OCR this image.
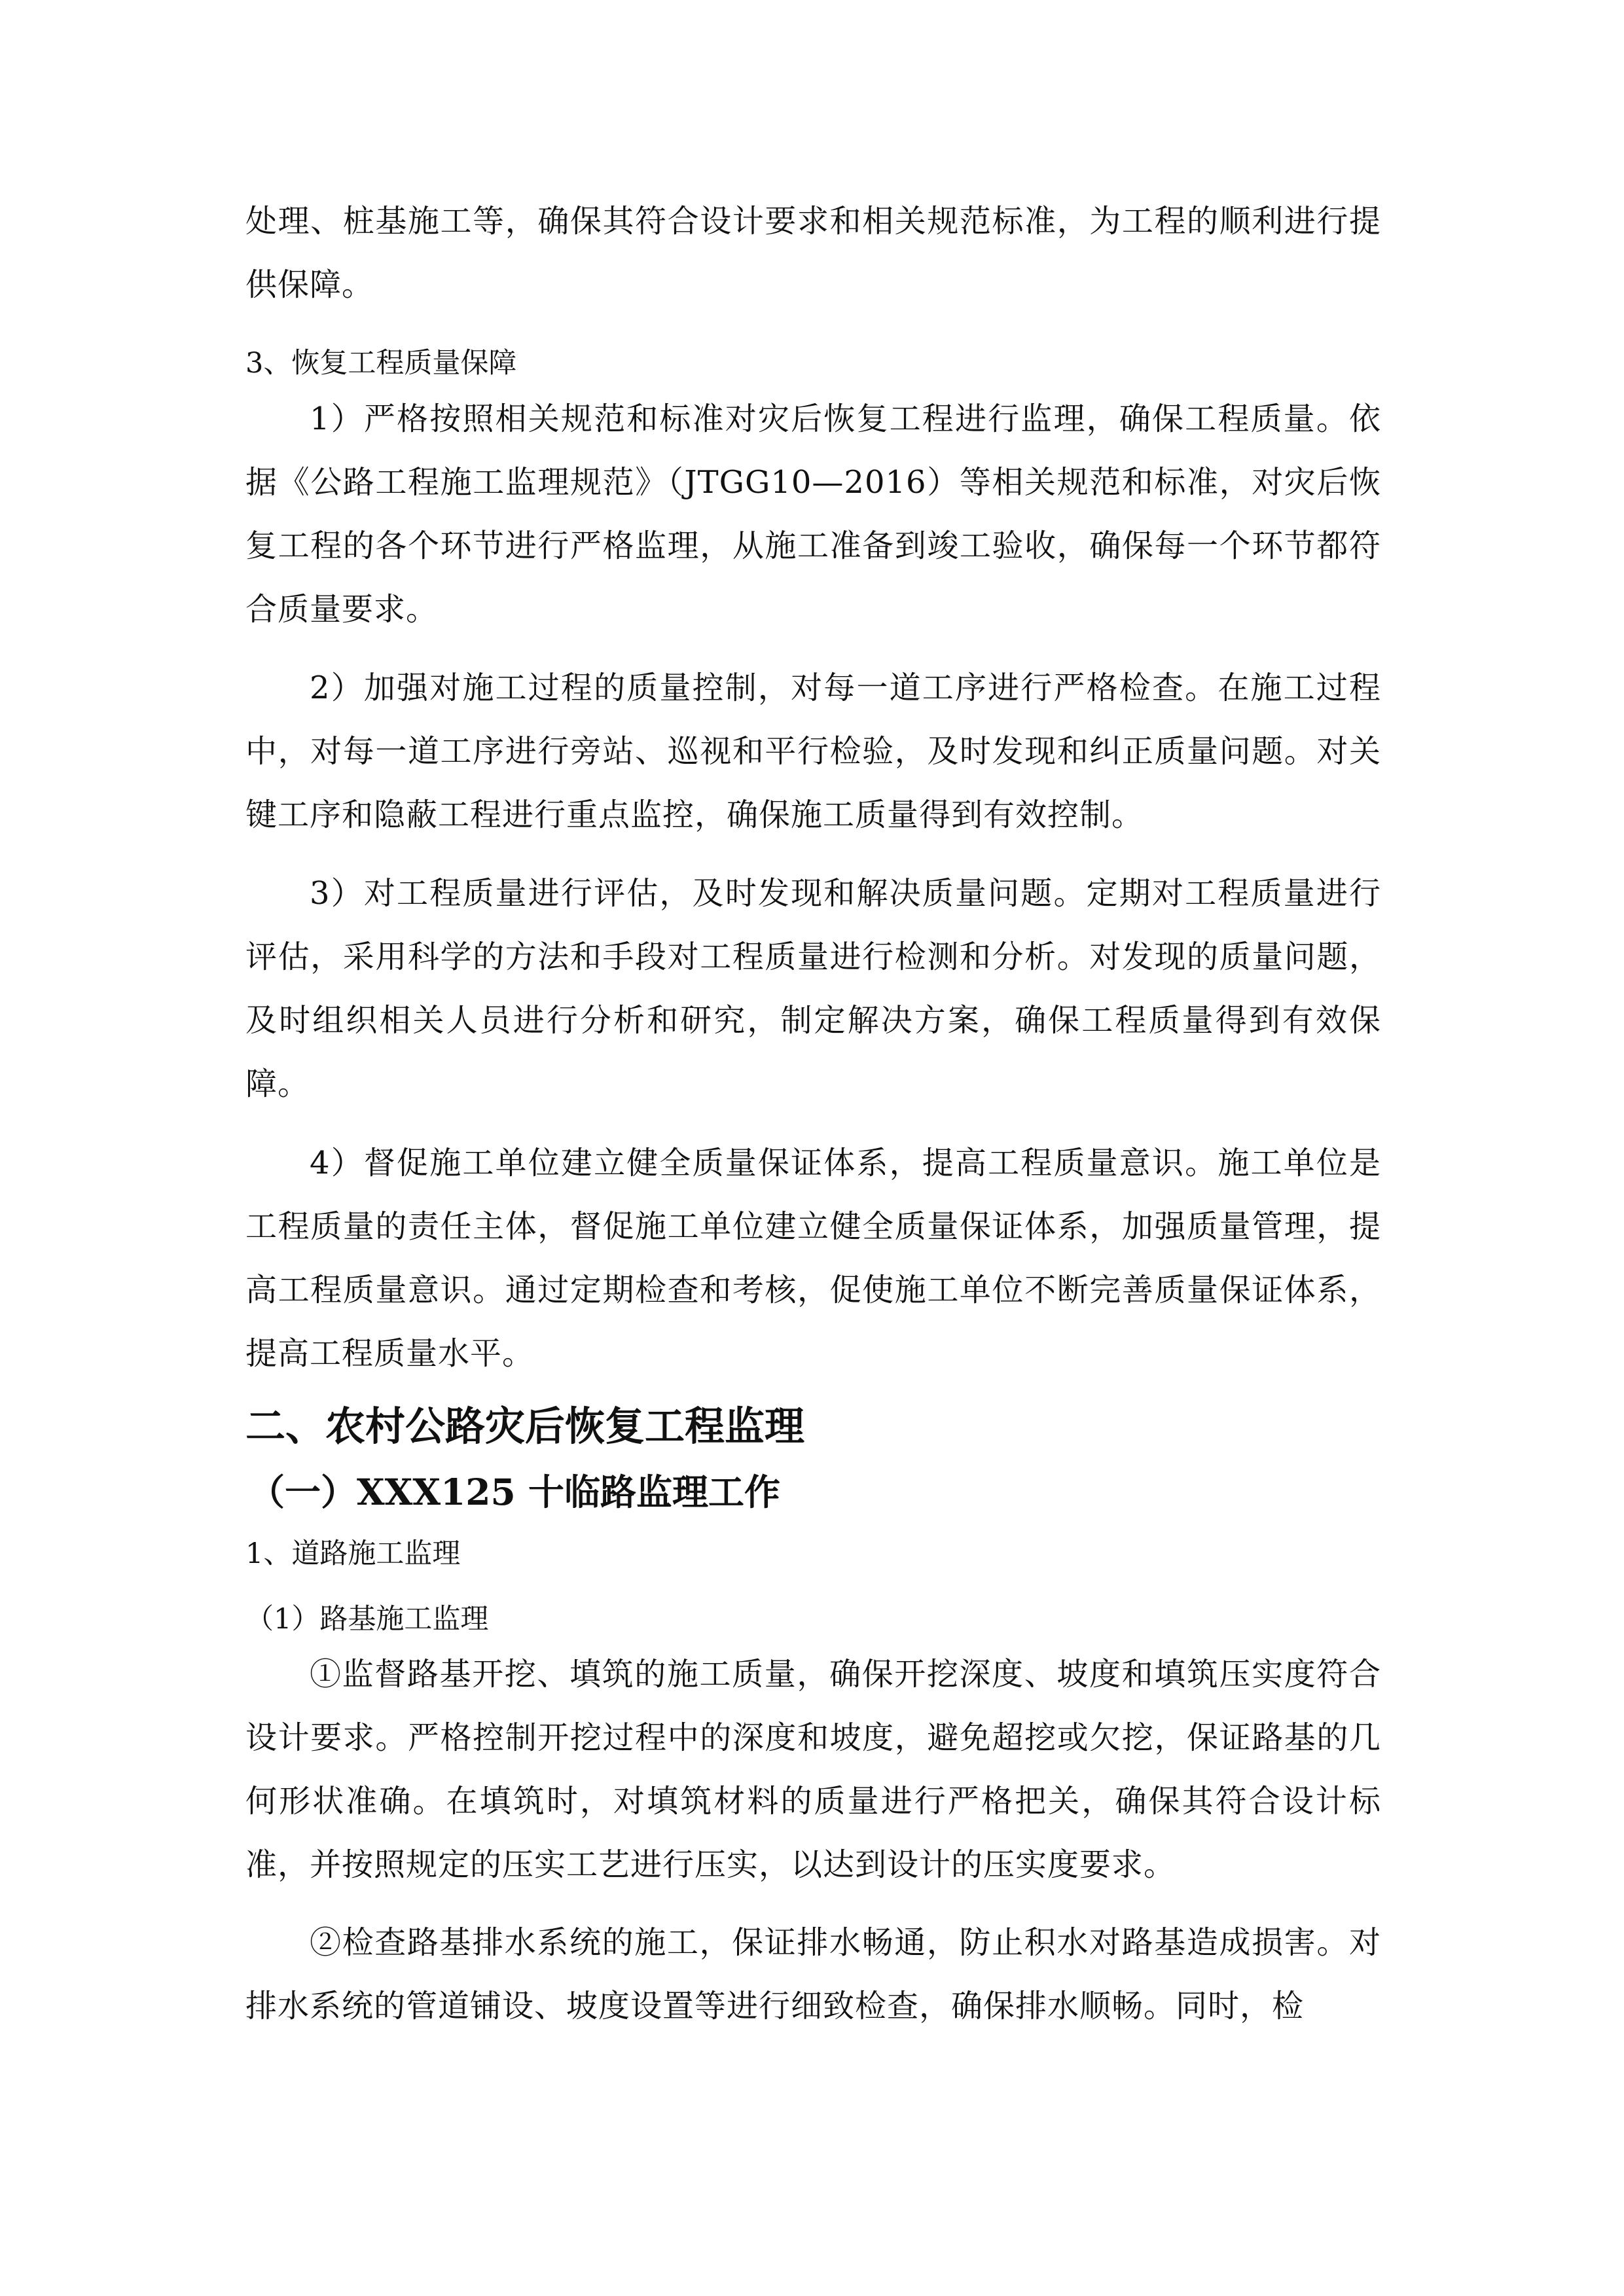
处理、桩基施工等，确保其符合设计要求和相关规范标准，为工程的顺利进行提供保障。

3、恢复工程质量保障

1）严格按照相关规范和标准对灾后恢复工程进行监理，确保工程质量。依据《公路工程施工监理规范》（JTGG10—2016）等相关规范和标准，对灾后恢复工程的各个环节进行严格监理，从施工准备到竣工验收，确保每一个环节都符合质量要求。

2）加强对施工过程的质量控制，对每一道工序进行严格检查。在施工过程中，对每一道工序进行旁站、巡视和平行检验，及时发现和纠正质量问题。对关键工序和隐蔽工程进行重点监控，确保施工质量得到有效控制。

3）对工程质量进行评估，及时发现和解决质量问题。定期对工程质量进行评估，采用科学的方法和手段对工程质量进行检测和分析。对发现的质量问题，及时组织相关人员进行分析和研究，制定解决方案，确保工程质量得到有效保障。

4）督促施工单位建立健全质量保证体系，提高工程质量意识。施工单位是工程质量的责任主体，督促施工单位建立健全质量保证体系，加强质量管理，提高工程质量意识。通过定期检查和考核，促使施工单位不断完善质量保证体系，提高工程质量水平。

二、农村公路灾后恢复工程监理
（一）XXX125 十临路监理工作

1、道路施工监理

（1）路基施工监理

①监督路基开挖、填筑的施工质量，确保开挖深度、坡度和填筑压实度符合设计要求。严格控制开挖过程中的深度和坡度，避免超挖或欠挖，保证路基的几何形状准确。在填筑时，对填筑材料的质量进行严格把关，确保其符合设计标准，并按照规定的压实工艺进行压实，以达到设计的压实度要求。

②检查路基排水系统的施工，保证排水畅通，防止积水对路基造成损害。对排水系统的管道铺设、坡度设置等进行细致检查，确保排水顺畅。同时，检
